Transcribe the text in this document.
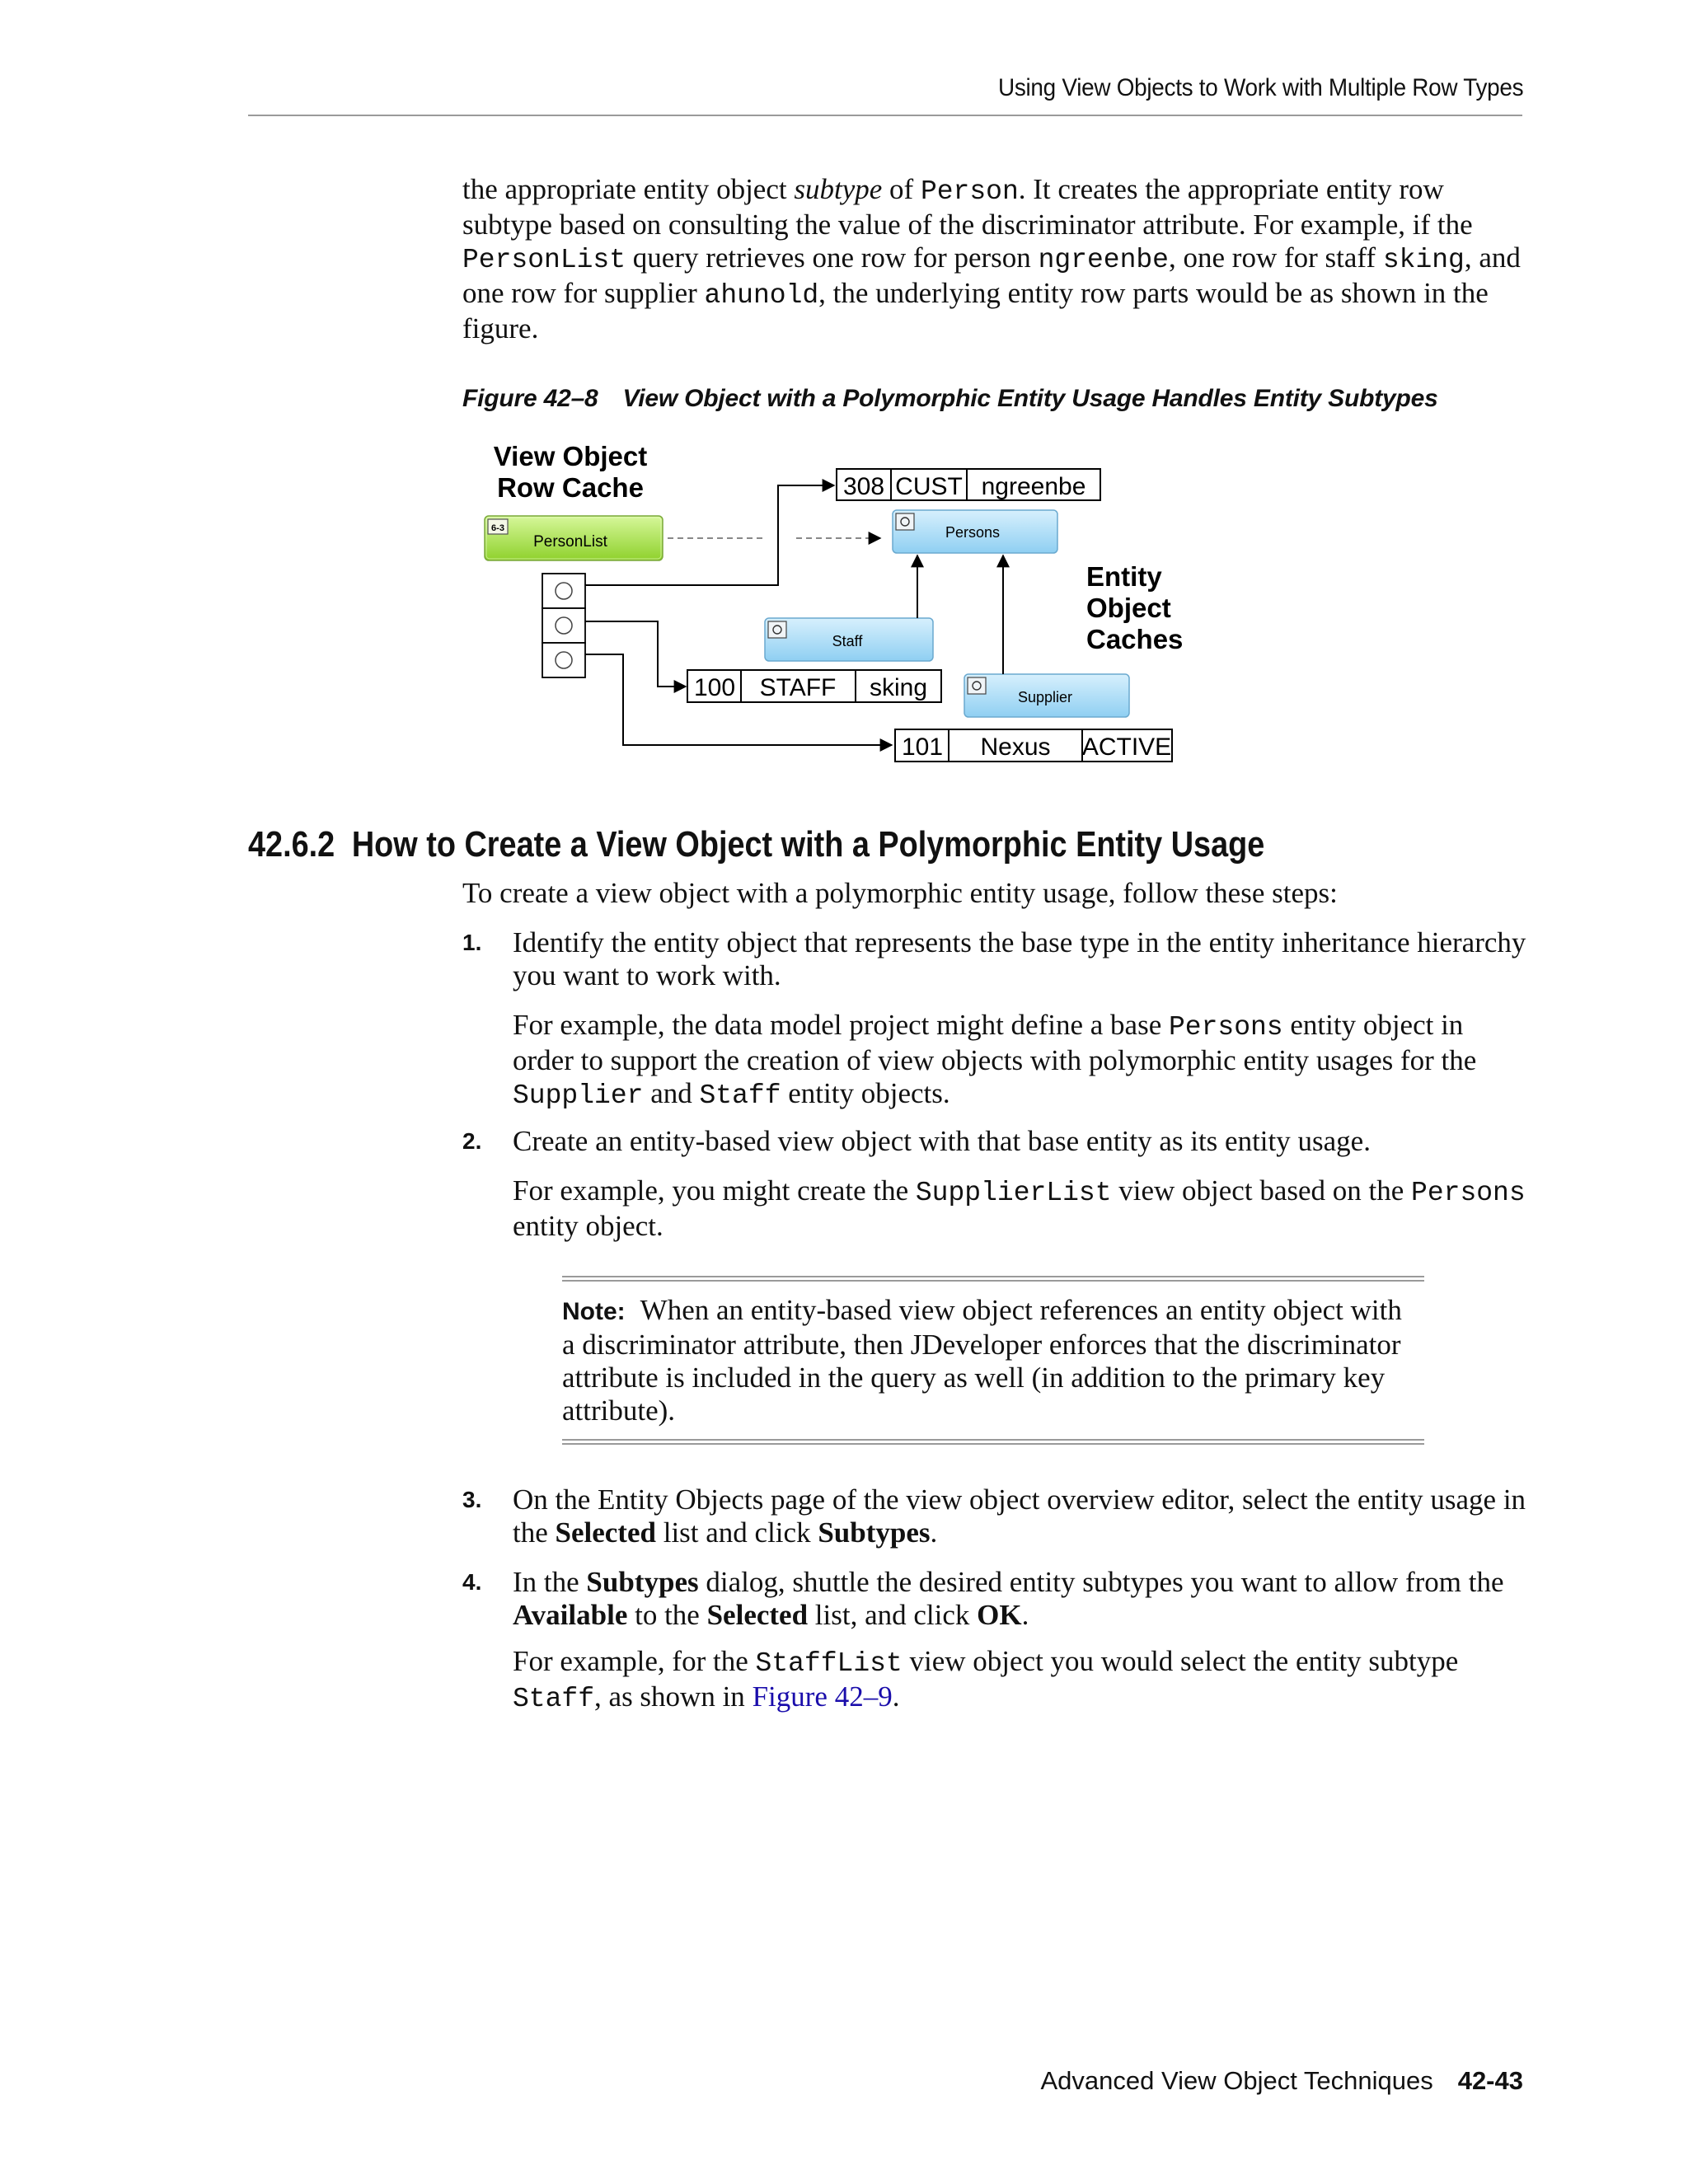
Using View Objects to Work with Multiple Row Types
the appropriate entity object subtype of Person. It creates the appropriate entity row subtype based on consulting the value of the discriminator attribute. For example, if the PersonList query retrieves one row for person ngreenbe, one row for staff sking, and one row for supplier ahunold, the underlying entity row parts would be as shown in the figure.
Figure 42–8 View Object with a Polymorphic Entity Usage Handles Entity Subtypes
View Object
Row Cache
6-3
PersonList
Persons
308 CUST ngreenbe
Staff
100 STAFF sking	Supplier
101 Nexus ACTIVE
Entity
Object
Caches
42.6.2 How to Create a View Object with a Polymorphic Entity Usage
To create a view object with a polymorphic entity usage, follow these steps:
1. Identify the entity object that represents the base type in the entity inheritance hierarchy you want to work with.
For example, the data model project might define a base Persons entity object in order to support the creation of view objects with polymorphic entity usages for the Supplier and Staff entity objects.
2. Create an entity-based view object with that base entity as its entity usage.
For example, you might create the SupplierList view object based on the Persons entity object.
Note: When an entity-based view object references an entity object with a discriminator attribute, then JDeveloper enforces that the discriminator attribute is included in the query as well (in addition to the primary key attribute).
3. On the Entity Objects page of the view object overview editor, select the entity usage in the Selected list and click Subtypes.
4. In the Subtypes dialog, shuttle the desired entity subtypes you want to allow from the Available to the Selected list, and click OK.
For example, for the StaffList view object you would select the entity subtype Staff, as shown in Figure 42–9.
Advanced View Object Techniques 42-43
